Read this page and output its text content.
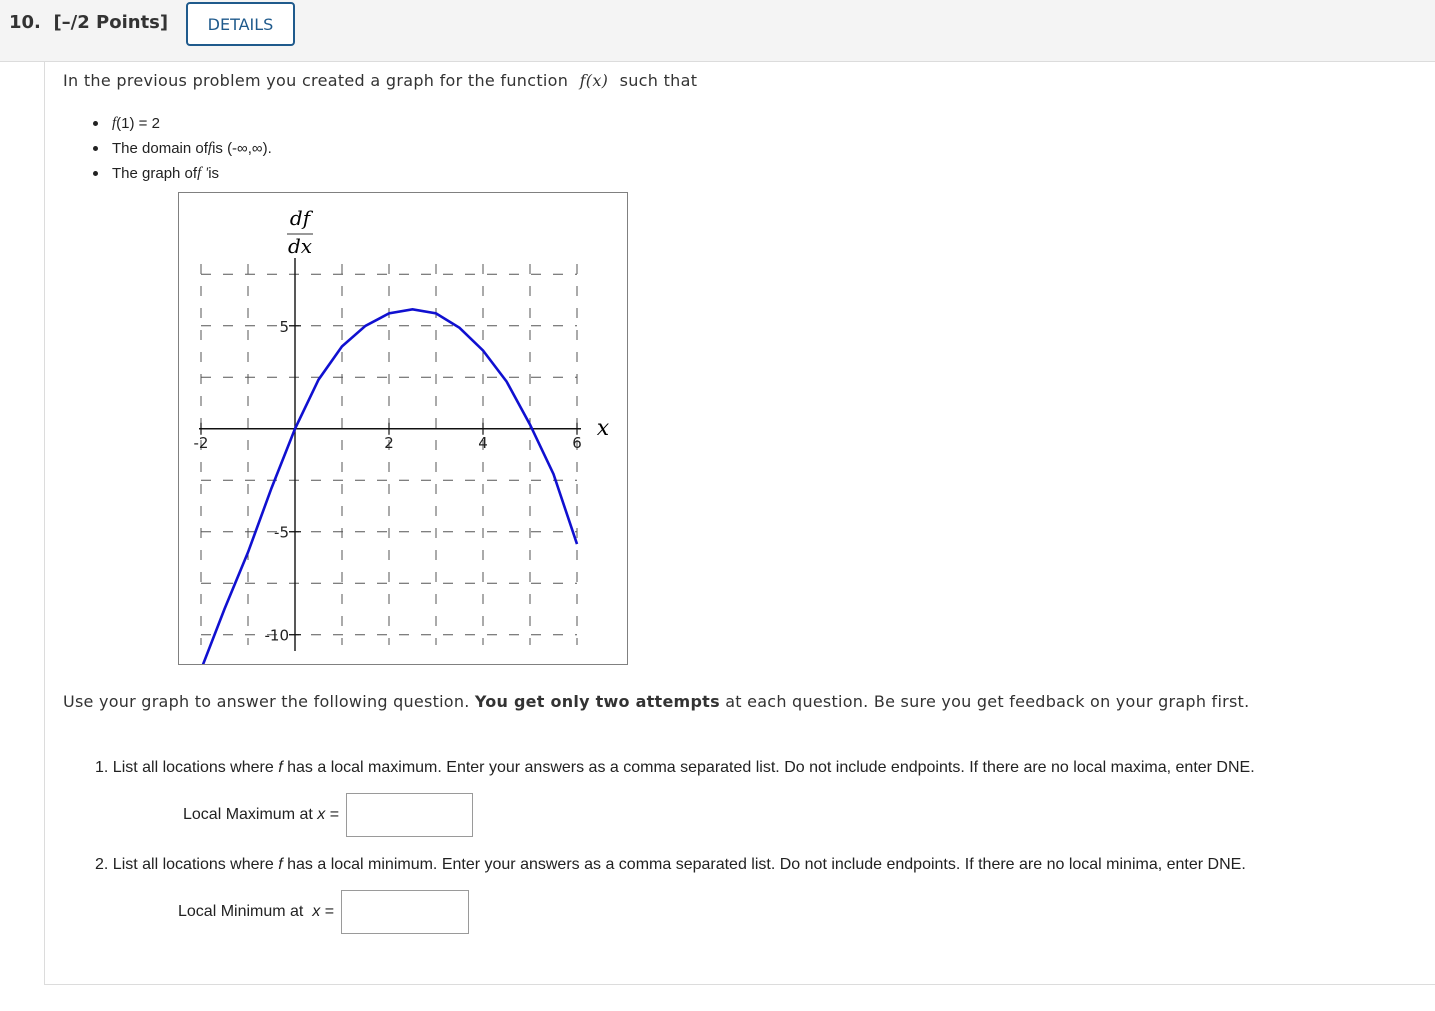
10. [–/2 Points]	DETAILS
In the previous problem you created a graph for the function f(x) such that
f (1) = 2
The domain of f is (-∞,∞).
The graph of f ' is
-2	2	4	6
5
-5
-10
df
dx
x
Use your graph to answer the following question. You get only two attempts at each question. Be sure you get feedback on your graph first.
1. List all locations where f has a local maximum. Enter your answers as a comma separated list. Do not include endpoints. If there are no local maxima, enter DNE.
Local Maximum at x =
2. List all locations where f has a local minimum. Enter your answers as a comma separated list. Do not include endpoints. If there are no local minima, enter DNE.
Local Minimum at x =
